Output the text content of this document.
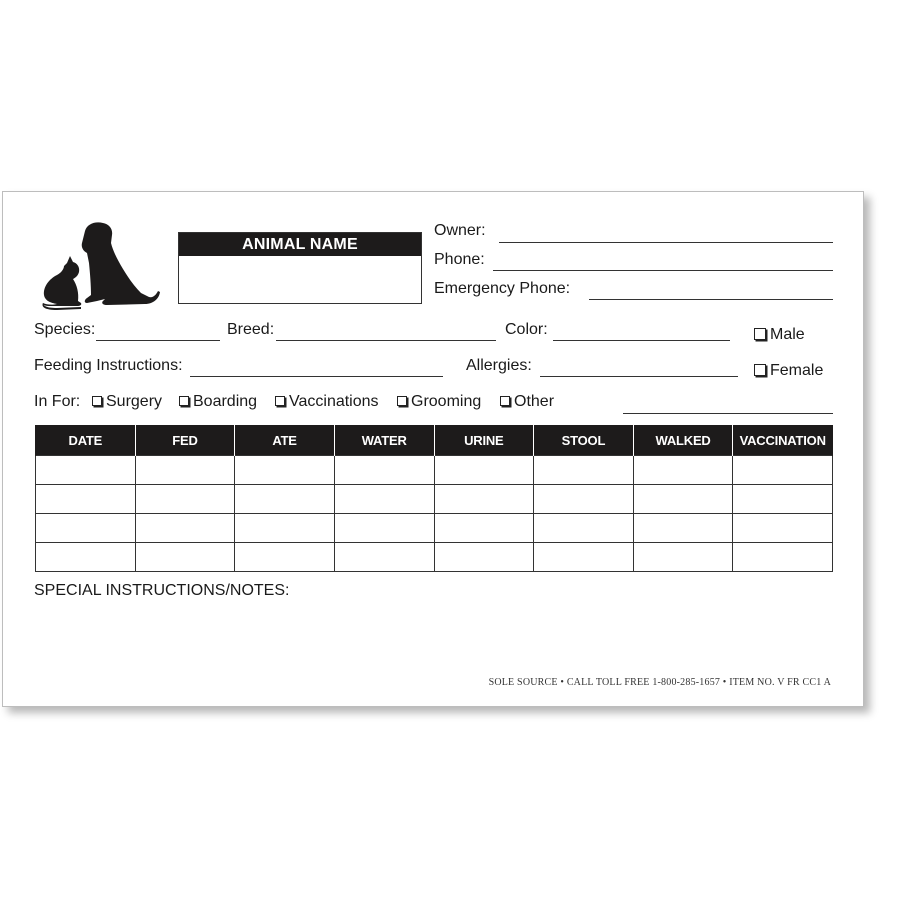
ANIMAL NAME
Owner:
Phone:
Emergency Phone:
Species:	Breed:	Color:	Male
Feeding Instructions:	Allergies:	Female
In For:	Surgery	Boarding	Vaccinations	Grooming	Other
DATE	FED	ATE	WATER	URINE	STOOL	WALKED	VACCINATION

SPECIAL INSTRUCTIONS/NOTES:
SOLE SOURCE • CALL TOLL FREE 1-800-285-1657 • ITEM NO. V FR CC1 A
